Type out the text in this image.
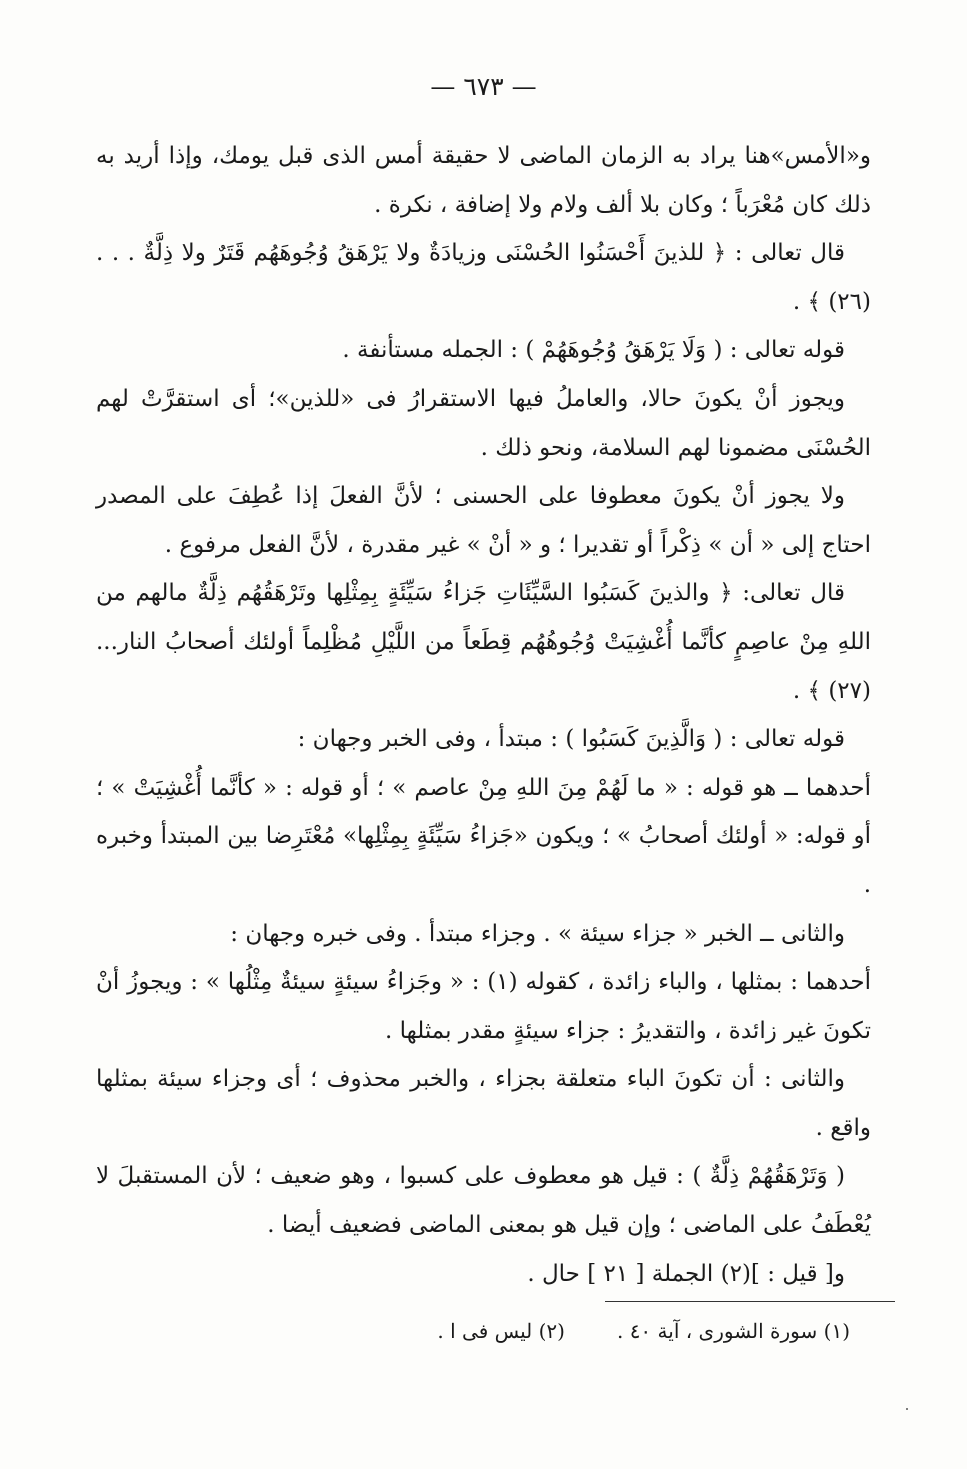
— ٦٧٣ —

و«الأمس»هنا يراد به الزمان الماضى لا حقيقة أمس الذى قبل يومك، وإذا أريد به ذلك كان مُعْرَباً ؛ وكان بلا ألف ولام ولا إضافة ، نكرة .

قال تعالى : ﴿ للذينَ أَحْسَنُوا الحُسْنَى وزيادَةٌ ولا يَرْهَقُ وُجُوهَهُم قَتَرٌ ولا ذِلَّةٌ . . . (٢٦) ﴾ .

قوله تعالى : ( وَلَا يَرْهَقُ وُجُوهَهُمْ ) : الجمله مستأنفة .

ويجوز أنْ يكونَ حالا، والعاملُ فيها الاستقرارُ فى «للذين»؛ أى استقرَّتْ لهم الحُسْنَى مضمونا لهم السلامة، ونحو ذلك .

ولا يجوز أنْ يكونَ معطوفا على الحسنى ؛ لأنَّ الفعلَ إذا عُطِفَ على المصدر احتاج إلى « أن » ذِكْراً أو تقديرا ؛ و « أنْ » غير مقدرة ، لأنَّ الفعل مرفوع .

قال تعالى: ﴿ والذينَ كَسَبُوا السَّيِّئَاتِ جَزاءُ سَيِّئَةٍ بِمِثْلِها وتَرْهَقُهُم ذِلَّةٌ مالهم من اللهِ مِنْ عاصِمٍ كأنَّما أُغْشِيَتْ وُجُوهُهُم قِطَعاً من اللَّيْلِ مُظْلِماً أولئك أصحابُ النار...(٢٧) ﴾ .

قوله تعالى : ( وَالَّذِينَ كَسَبُوا ) : مبتدأ ، وفى الخبر وجهان :

أحدهما ــ هو قوله : « ما لَهُمْ مِنَ اللهِ مِنْ عاصم » ؛ أو قوله : « كأنَّما أُغْشِيَتْ » ؛ أو قوله: « أولئك أصحابُ » ؛ ويكون «جَزاءُ سَيِّئَةٍ بِمِثْلِها» مُعْتَرِضا بين المبتدأ وخبره .

والثانى ــ الخبر « جزاء سيئة » . وجزاء مبتدأ . وفى خبره وجهان :

أحدهما : بمثلها ، والباء زائدة ، كقوله (١) : « وجَزاءُ سيئةٍ سيئةٌ مِثْلُها » : ويجوزُ أنْ تكونَ غير زائدة ، والتقديرُ : جزاء سيئةٍ مقدر بمثلها .

والثانى : أن تكونَ الباء متعلقة بجزاء ، والخبر محذوف ؛ أى وجزاء سيئة بمثلها واقع .

( وَتَرْهَقُهُمْ ذِلَّةٌ ) : قيل هو معطوف على كسبوا ، وهو ضعيف ؛ لأن المستقبلَ لا يُعْطَفُ على الماضى ؛ وإن قيل هو بمعنى الماضى فضعيف أيضا .

و[ قيل : ](٢) الجملة [ ٢١ ] حال .

(١) سورة الشورى ، آية ٤٠ .
(٢) ليس فى ا .
